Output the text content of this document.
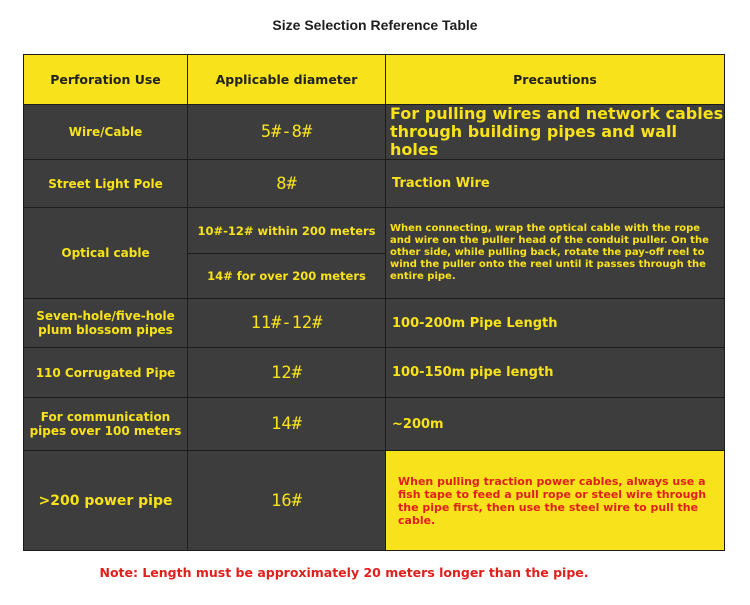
Size Selection Reference Table
Perforation Use	Applicable diameter	Precautions
Wire/Cable	5#-8#	For pulling wires and network cables through building pipes and wall holes
Street Light Pole	8#	Traction Wire
Optical cable	10#-12# within 200 meters	When connecting, wrap the optical cable with the rope and wire on the puller head of the conduit puller. On the other side, while pulling back, rotate the pay-off reel to wind the puller onto the reel until it passes through the entire pipe.
	14# for over 200 meters	
Seven-hole/five-hole plum blossom pipes	11#-12#	100-200m Pipe Length
110 Corrugated Pipe	12#	100-150m pipe length
For communication pipes over 100 meters	14#	~200m
>200 power pipe	16#	When pulling traction power cables, always use a fish tape to feed a pull rope or steel wire through the pipe first, then use the steel wire to pull the cable.
Note: Length must be approximately 20 meters longer than the pipe.
